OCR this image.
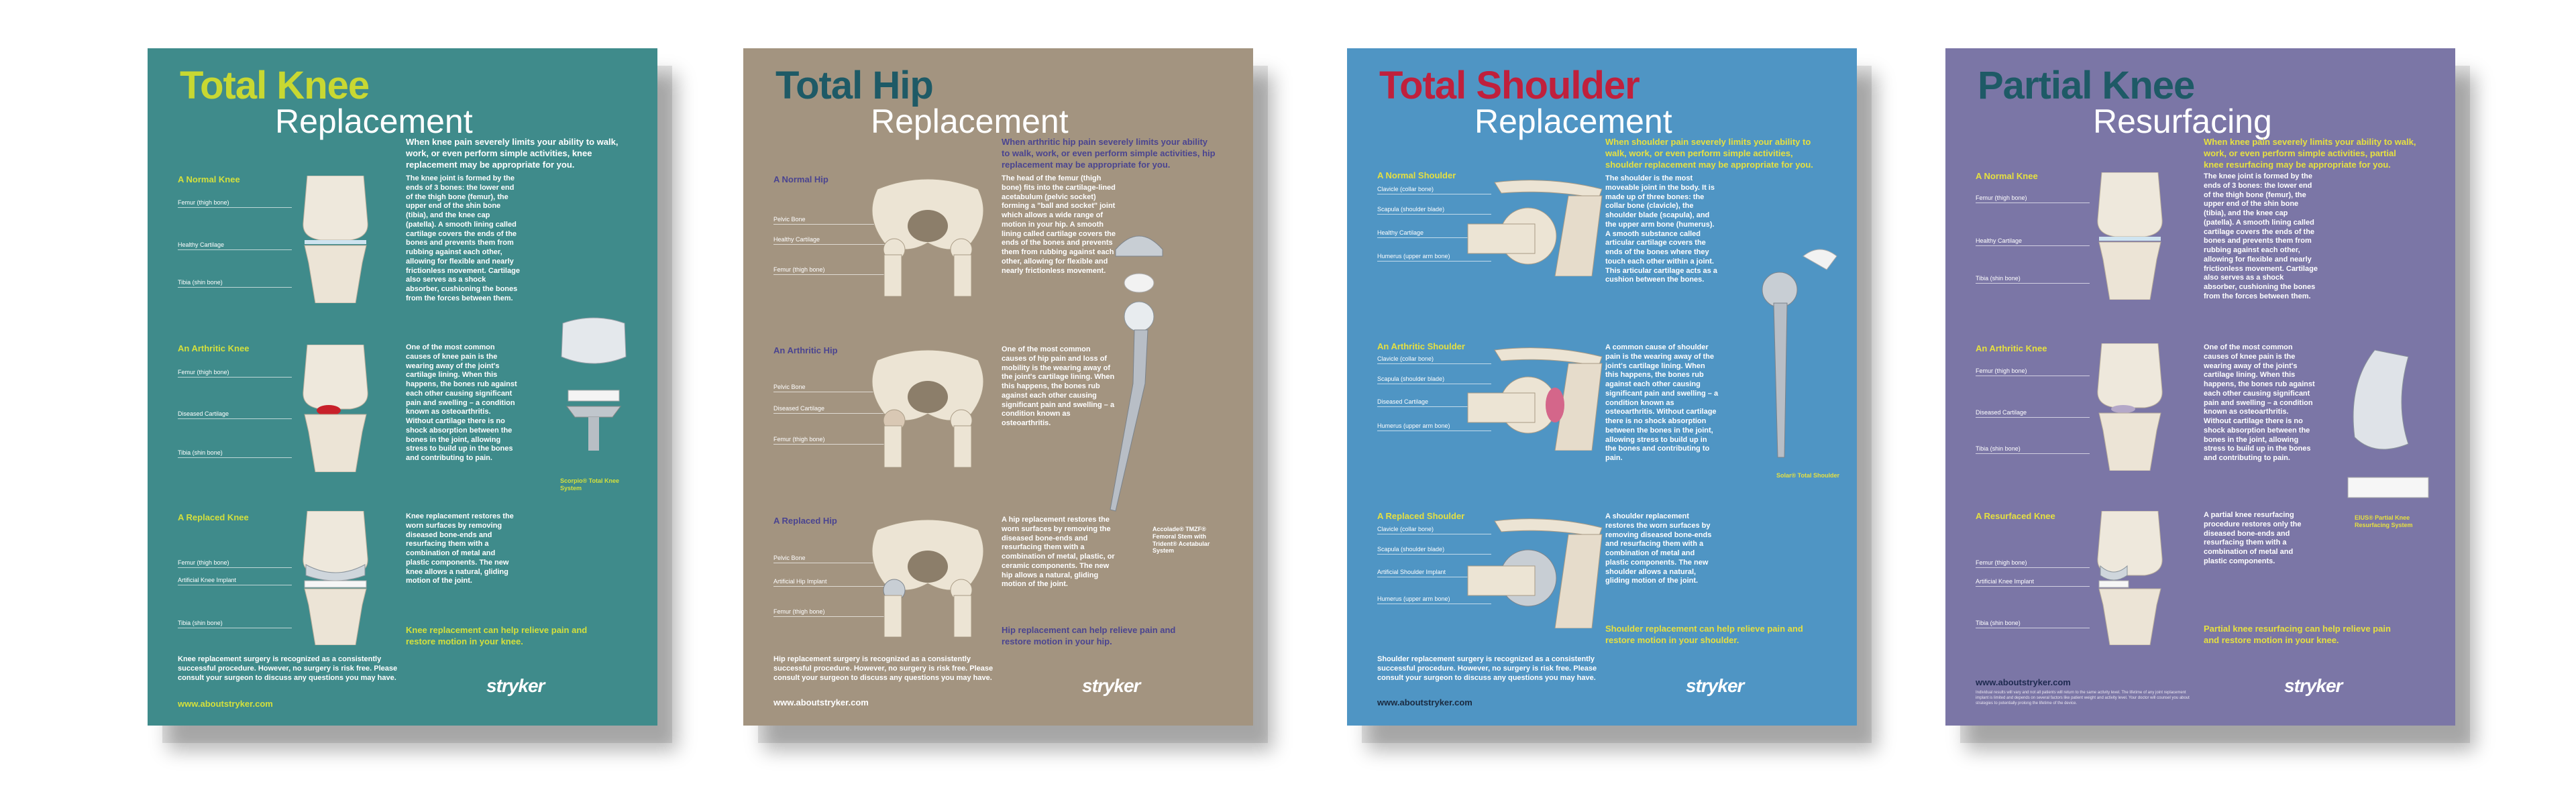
Total Knee
Replacement
When knee pain severely limits your ability to walk, work, or even perform simple activities, knee replacement may be appropriate for you.
A Normal Knee
Femur (thigh bone)
Healthy Cartilage
Tibia (shin bone)
The knee joint is formed by the ends of 3 bones: the lower end of the thigh bone (femur), the upper end of the shin bone (tibia), and the knee cap (patella). A smooth lining called cartilage covers the ends of the bones and prevents them from rubbing against each other, allowing for flexible and nearly frictionless movement. Cartilage also serves as a shock absorber, cushioning the bones from the forces between them.
An Arthritic Knee
Femur (thigh bone)
Diseased Cartilage
Tibia (shin bone)
One of the most common causes of knee pain is the wearing away of the joint's cartilage lining. When this happens, the bones rub against each other causing significant pain and swelling – a condition known as osteoarthritis. Without cartilage there is no shock absorption between the bones in the joint, allowing stress to build up in the bones and contributing to pain.
Scorpio® Total Knee System
A Replaced Knee
Femur (thigh bone)
Artificial Knee Implant
Tibia (shin bone)
Knee replacement restores the worn surfaces by removing diseased bone-ends and resurfacing them with a combination of metal and plastic components. The new knee allows a natural, gliding motion of the joint.
Knee replacement can help relieve pain and restore motion in your knee.
Knee replacement surgery is recognized as a consistently successful procedure. However, no surgery is risk free. Please consult your surgeon to discuss any questions you may have.	stryker
www.aboutstryker.com
Total Hip
Replacement
When arthritic hip pain severely limits your ability to walk, work, or even perform simple activities, hip replacement may be appropriate for you.
A Normal Hip
Pelvic Bone
Healthy Cartilage
Femur (thigh bone)
The head of the femur (thigh bone) fits into the cartilage-lined acetabulum (pelvic socket) forming a "ball and socket" joint which allows a wide range of motion in your hip. A smooth lining called cartilage covers the ends of the bones and prevents them from rubbing against each other, allowing for flexible and nearly frictionless movement.
An Arthritic Hip
Pelvic Bone
Diseased Cartilage
Femur (thigh bone)
One of the most common causes of hip pain and loss of mobility is the wearing away of the joint's cartilage lining. When this happens, the bones rub against each other causing significant pain and swelling – a condition known as osteoarthritis.
Accolade® TMZF® Femoral Stem with Trident® Acetabular System
A Replaced Hip
Pelvic Bone
Artificial Hip Implant
Femur (thigh bone)
A hip replacement restores the worn surfaces by removing the diseased bone-ends and resurfacing them with a combination of metal, plastic, or ceramic components. The new hip allows a natural, gliding motion of the joint.
Hip replacement can help relieve pain and restore motion in your hip.
Hip replacement surgery is recognized as a consistently successful procedure. However, no surgery is risk free. Please consult your surgeon to discuss any questions you may have.	stryker
www.aboutstryker.com
Total Shoulder
Replacement
When shoulder pain severely limits your ability to walk, work, or even perform simple activities, shoulder replacement may be appropriate for you.
A Normal Shoulder
Clavicle (collar bone)
Scapula (shoulder blade)
Healthy Cartilage
Humerus (upper arm bone)
The shoulder is the most moveable joint in the body. It is made up of three bones: the collar bone (clavicle), the shoulder blade (scapula), and the upper arm bone (humerus). A smooth substance called articular cartilage covers the ends of the bones where they touch each other within a joint. This articular cartilage acts as a cushion between the bones.
An Arthritic Shoulder
Clavicle (collar bone)
Scapula (shoulder blade)
Diseased Cartilage
Humerus (upper arm bone)
A common cause of shoulder pain is the wearing away of the joint's cartilage lining. When this happens, the bones rub against each other causing significant pain and swelling – a condition known as osteoarthritis. Without cartilage there is no shock absorption between the bones in the joint, allowing stress to build up in the bones and contributing to pain.
Solar® Total Shoulder
A Replaced Shoulder
Clavicle (collar bone)
Scapula (shoulder blade)
Artificial Shoulder Implant
Humerus (upper arm bone)
A shoulder replacement restores the worn surfaces by removing diseased bone-ends and resurfacing them with a combination of metal and plastic components. The new shoulder allows a natural, gliding motion of the joint.
Shoulder replacement can help relieve pain and restore motion in your shoulder.
Shoulder replacement surgery is recognized as a consistently successful procedure. However, no surgery is risk free. Please consult your surgeon to discuss any questions you may have.	stryker
www.aboutstryker.com
Partial Knee
Resurfacing
When knee pain severely limits your ability to walk, work, or even perform simple activities, partial knee resurfacing may be appropriate for you.
A Normal Knee
Femur (thigh bone)
Healthy Cartilage
Tibia (shin bone)
The knee joint is formed by the ends of 3 bones: the lower end of the thigh bone (femur), the upper end of the shin bone (tibia), and the knee cap (patella). A smooth lining called cartilage covers the ends of the bones and prevents them from rubbing against each other, allowing for flexible and nearly frictionless movement. Cartilage also serves as a shock absorber, cushioning the bones from the forces between them.
An Arthritic Knee
Femur (thigh bone)
Diseased Cartilage
Tibia (shin bone)
One of the most common causes of knee pain is the wearing away of the joint's cartilage lining. When this happens, the bones rub against each other causing significant pain and swelling – a condition known as osteoarthritis. Without cartilage there is no shock absorption between the bones in the joint, allowing stress to build up in the bones and contributing to pain.
EIUS® Partial Knee Resurfacing System
A Resurfaced Knee
Femur (thigh bone)
Artificial Knee Implant
Tibia (shin bone)
A partial knee resurfacing procedure restores only the diseased bone-ends and resurfacing them with a combination of metal and plastic components.
Partial knee resurfacing can help relieve pain and restore motion in your knee.
www.aboutstryker.com
Individual results will vary and not all patients will return to the same activity level. The lifetime of any joint replacement implant is limited and depends on several factors like patient weight and activity level. Your doctor will counsel you about strategies to potentially prolong the lifetime of the device.
stryker
